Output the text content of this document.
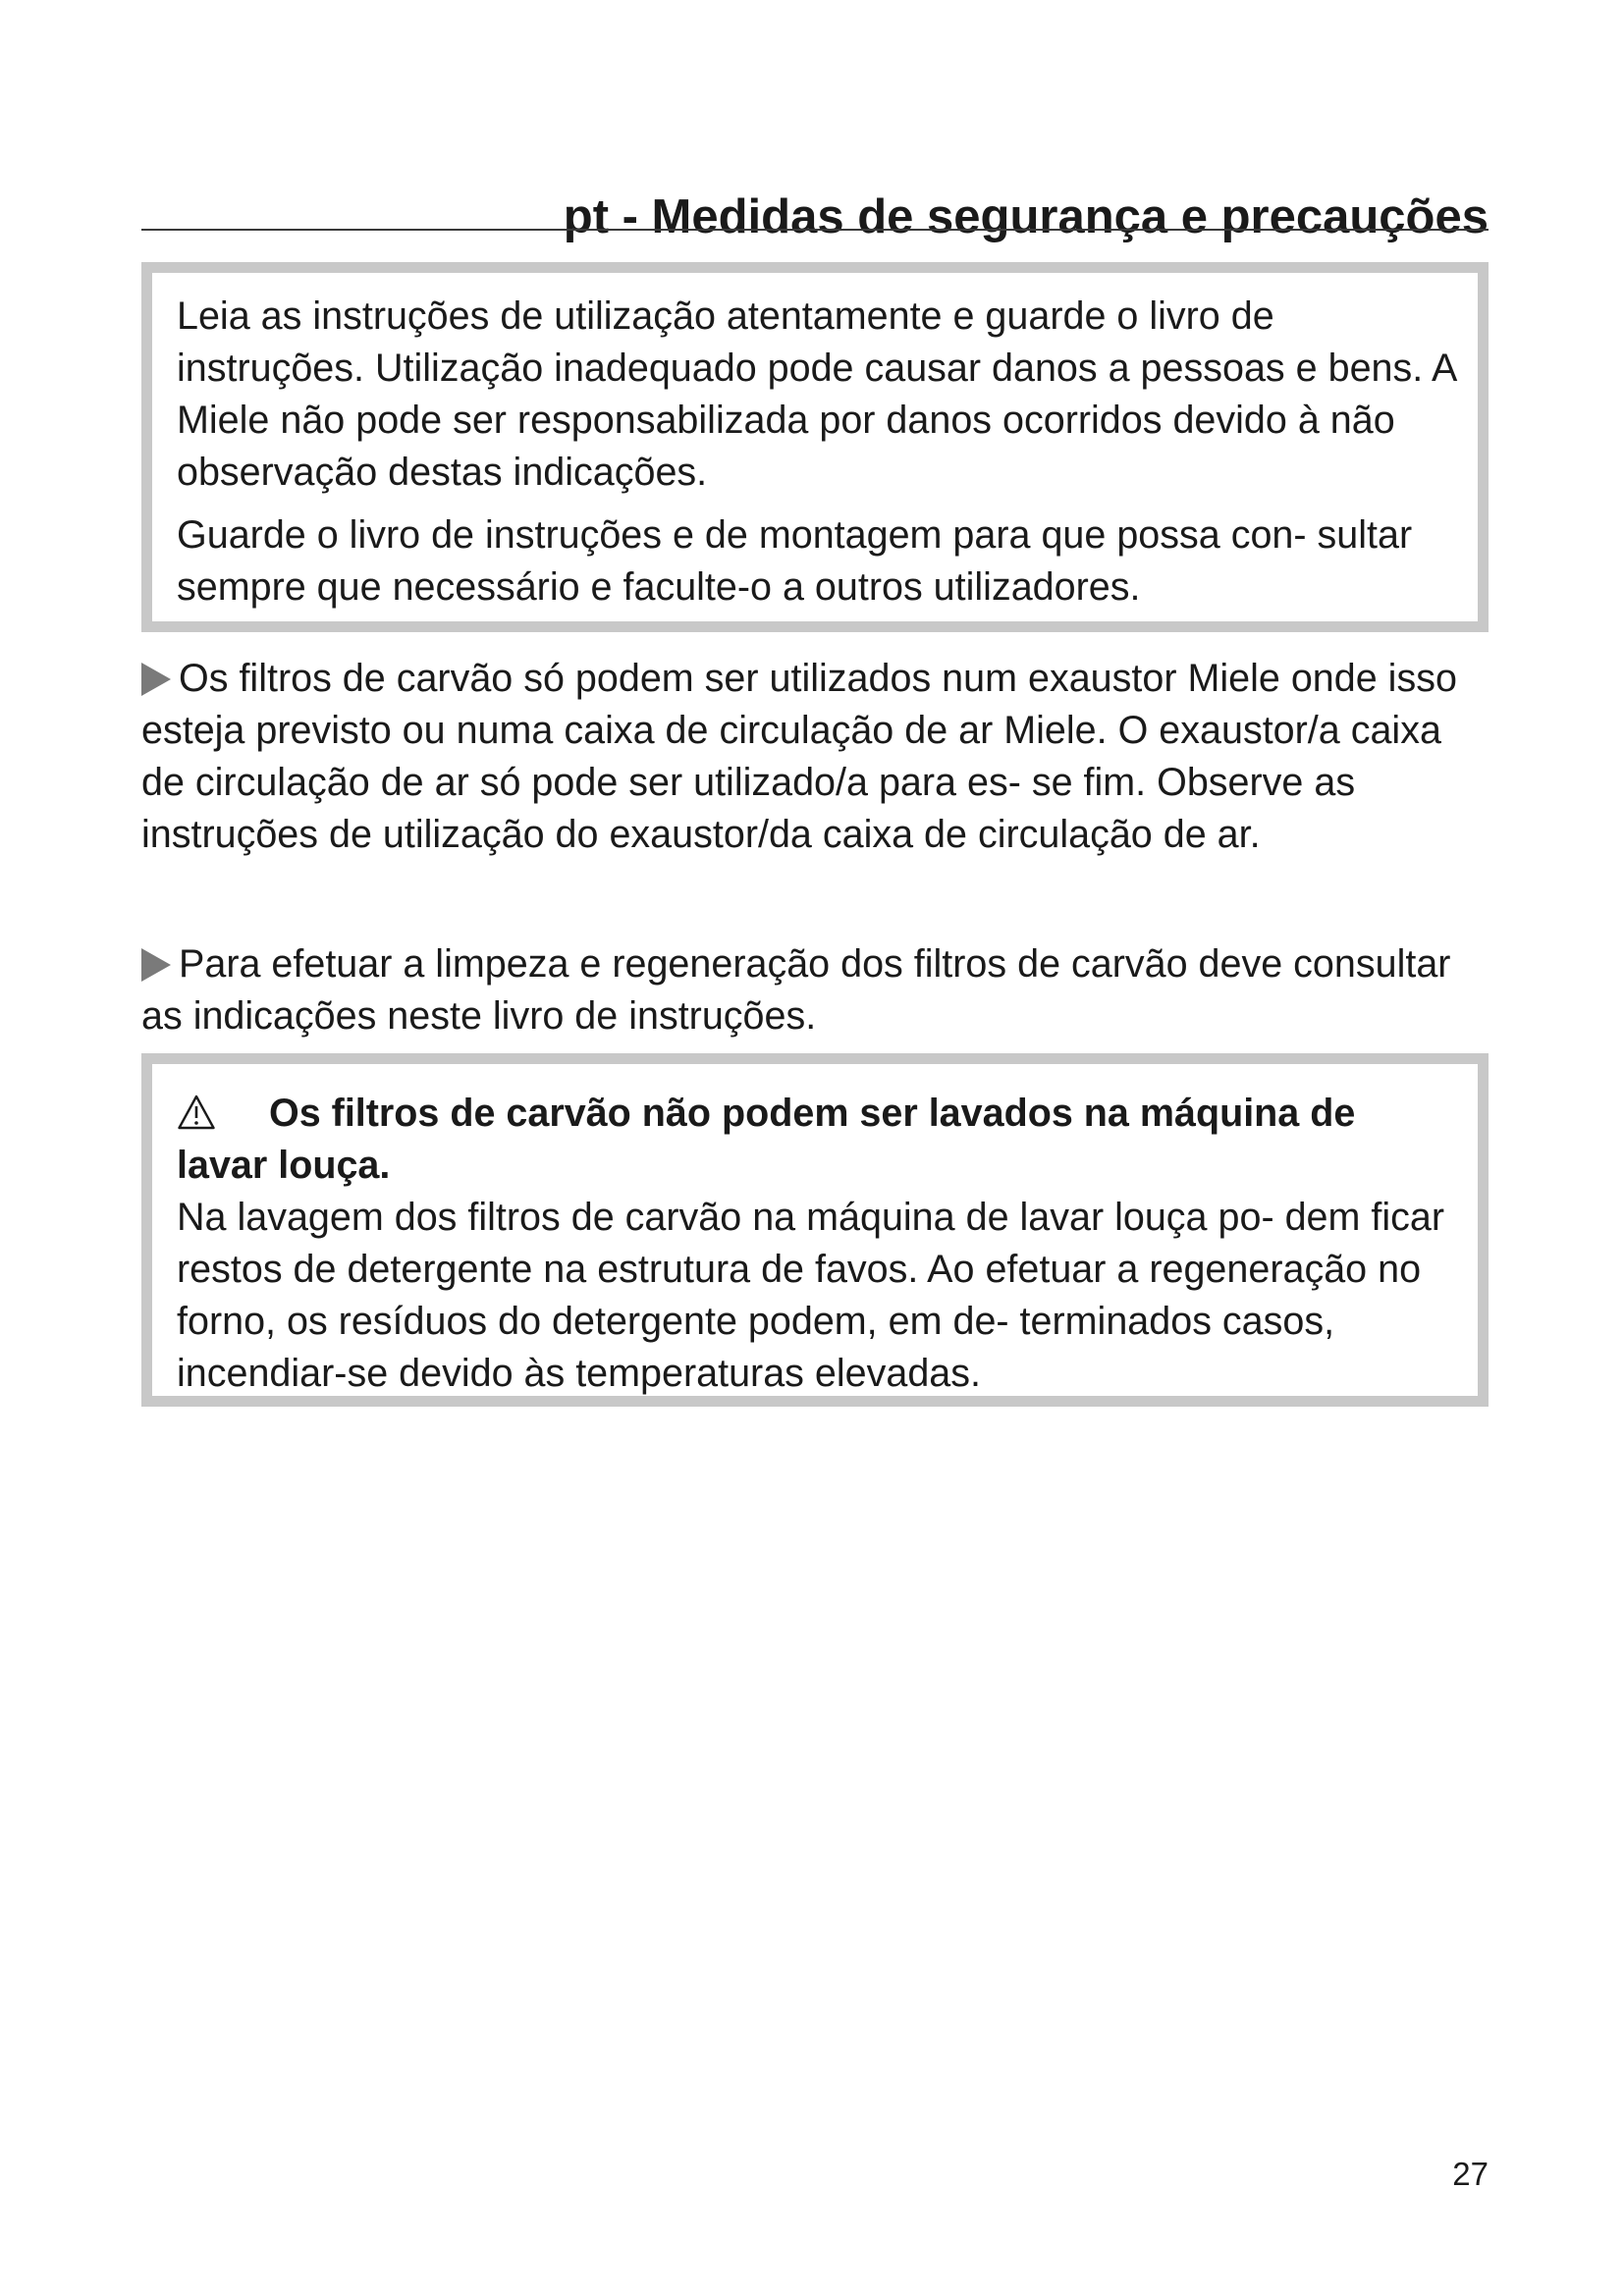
pt - Medidas de segurança e precauções

Leia as instruções de utilização atentamente e guarde o livro de instruções. Utilização inadequado pode causar danos a pessoas e bens. A Miele não pode ser responsabilizada por danos ocorridos devido à não observação destas indicações.

Guarde o livro de instruções e de montagem para que possa con- sultar sempre que necessário e faculte-o a outros utilizadores.

Os filtros de carvão só podem ser utilizados num exaustor Miele onde isso esteja previsto ou numa caixa de circulação de ar Miele. O exaustor/a caixa de circulação de ar só pode ser utilizado/a para es- se fim. Observe as instruções de utilização do exaustor/da caixa de circulação de ar.

Para efetuar a limpeza e regeneração dos filtros de carvão deve consultar as indicações neste livro de instruções.

Os filtros de carvão não podem ser lavados na máquina de lavar louça.

Na lavagem dos filtros de carvão na máquina de lavar louça po- dem ficar restos de detergente na estrutura de favos. Ao efetuar a regeneração no forno, os resíduos do detergente podem, em de- terminados casos, incendiar-se devido às temperaturas elevadas.

27
